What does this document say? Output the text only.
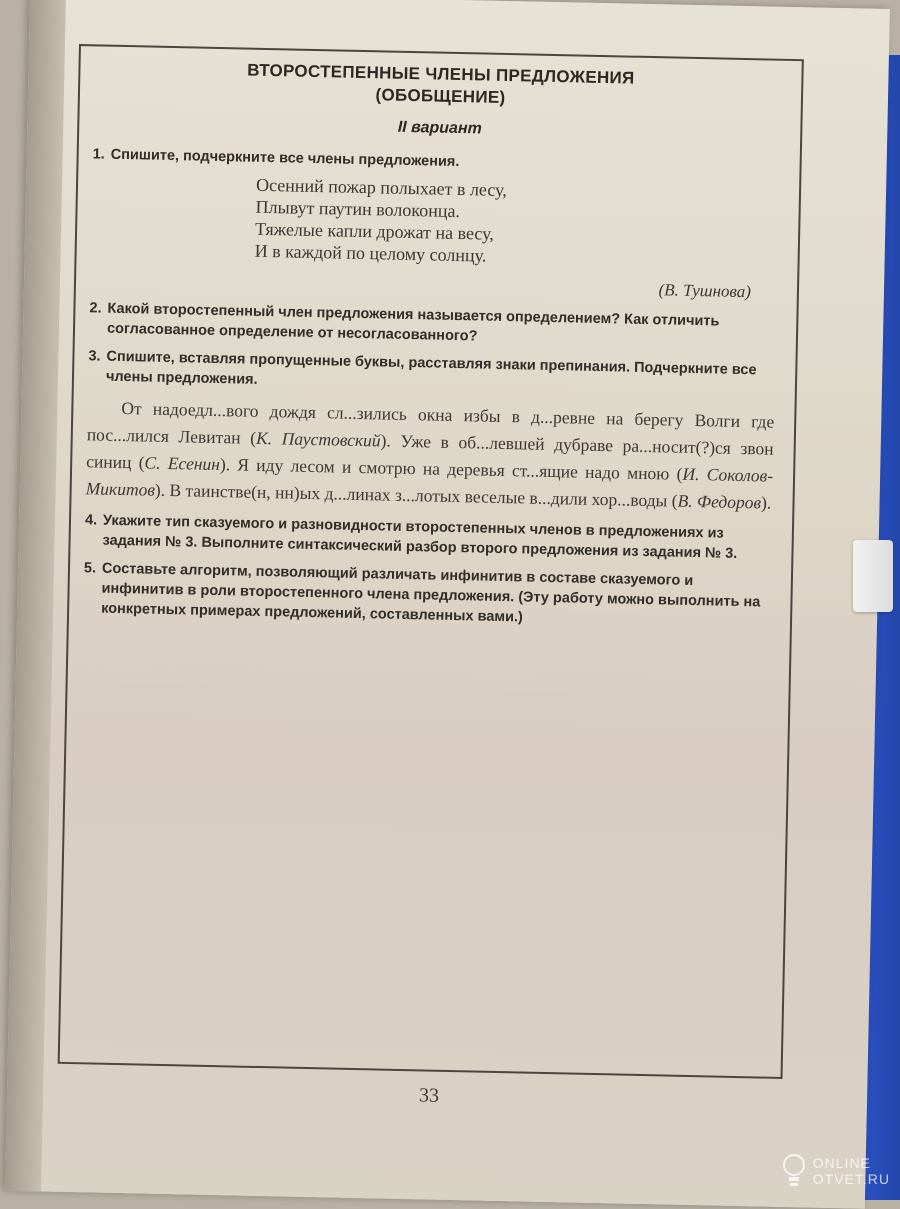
ВТОРОСТЕПЕННЫЕ ЧЛЕНЫ ПРЕДЛОЖЕНИЯ
(ОБОБЩЕНИЕ)
II вариант
1. Спишите, подчеркните все члены предложения.
Осенний пожар полыхает в лесу,
Плывут паутин волоконца.
Тяжелые капли дрожат на весу,
И в каждой по целому солнцу.
(В. Тушнова)
2. Какой второстепенный член предложения называется определением? Как отличить согласованное определение от несогласованного?
3. Спишите, вставляя пропущенные буквы, расставляя знаки препинания. Подчеркните все члены предложения.
От надоедл...вого дождя сл...зились окна избы в д...ревне на берегу Волги где пос...лился Левитан (К. Паустовский). Уже в об...левшей дубраве ра...носит(?)ся звон синиц (С. Есенин). Я иду лесом и смотрю на деревья ст...ящие надо мною (И. Соколов-Микитов). В таинстве(н, нн)ых д...линах з...лотых веселые в...дили хор...воды (В. Федоров).
4. Укажите тип сказуемого и разновидности второстепенных членов в предложениях из задания № 3. Выполните синтаксический разбор второго предложения из задания № 3.
5. Составьте алгоритм, позволяющий различать инфинитив в составе сказуемого и инфинитив в роли второстепенного члена предложения. (Эту работу можно выполнить на конкретных примерах предложений, составленных вами.)
33
ONLINE
OTVET.RU
